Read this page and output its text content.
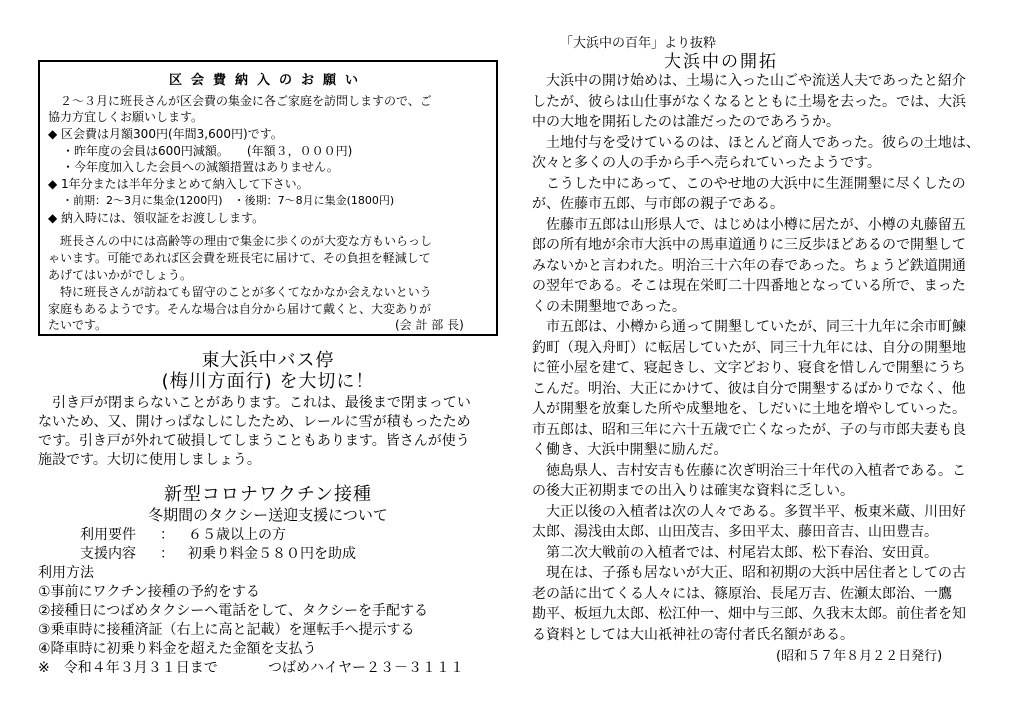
区会費納入のお願い
２～３月に班長さんが区会費の集金に各ご家庭を訪問しますので、ご
協力方宜しくお願いします。
◆ 区会費は月額300円(年間3,600円)です。
・昨年度の会員は600円減額。　　(年額３，０００円)
・今年度加入した会員への減額措置はありません。
◆ 1年分または半年分まとめて納入して下さい。
・前期：2～3月に集金(1200円)　・後期：7～8月に集金(1800円)
◆ 納入時には、領収証をお渡しします。
班長さんの中には高齢等の理由で集金に歩くのが大変な方もいらっし
ゃいます。可能であれば区会費を班長宅に届けて、その負担を軽減して
あげてはいかがでしょう。
特に班長さんが訪ねても留守のことが多くてなかなか会えないという
家庭もあるようです。そんな場合は自分から届けて戴くと、大変ありが
たいです。	(会 計 部 長)
東大浜中バス停
(梅川方面行) を大切に！
引き戸が閉まらないことがあります。これは、最後まで閉まってい
ないため、又、開けっぱなしにしたため、レールに雪が積もったため
です。引き戸が外れて破損してしまうこともあります。皆さんが使う
施設です。大切に使用しましょう。
新型コロナワクチン接種
冬期間のタクシー送迎支援について
利用要件 ： ６５歳以上の方
支援内容 ： 初乗り料金５８０円を助成
利用方法
①事前にワクチン接種の予約をする
②接種日につばめタクシーへ電話をして、タクシーを手配する
③乗車時に接種済証（右上に高と記載）を運転手へ提示する
④降車時に初乗り料金を超えた金額を支払う
※　令和４年３月３１日まで	つばめハイヤー２３－３１１１
「大浜中の百年」より抜粋
大浜中の開拓
大浜中の開け始めは、土場に入った山ごや流送人夫であったと紹介
したが、彼らは山仕事がなくなるとともに土場を去った。では、大浜
中の大地を開拓したのは誰だったのであろうか。
土地付与を受けているのは、ほとんど商人であった。彼らの土地は、
次々と多くの人の手から手へ売られていったようです。
こうした中にあって、このやせ地の大浜中に生涯開墾に尽くしたの
が、佐藤市五郎、与市郎の親子である。
佐藤市五郎は山形県人で、はじめは小樽に居たが、小樽の丸藤留五
郎の所有地が余市大浜中の馬車道通りに三反歩ほどあるので開墾して
みないかと言われた。明治三十六年の春であった。ちょうど鉄道開通
の翌年である。そこは現在栄町二十四番地となっている所で、まった
くの未開墾地であった。
市五郎は、小樽から通って開墾していたが、同三十九年に余市町鰊
釣町（現入舟町）に転居していたが、同三十九年には、自分の開墾地
に笹小屋を建て、寝起きし、文字どおり、寝食を惜しんで開墾にうち
こんだ。明治、大正にかけて、彼は自分で開墾するばかりでなく、他
人が開墾を放棄した所や成墾地を、しだいに土地を増やしていった。
市五郎は、昭和三年に六十五歳で亡くなったが、子の与市郎夫妻も良
く働き、大浜中開墾に励んだ。
徳島県人、吉村安吉も佐藤に次ぎ明治三十年代の入植者である。こ
の後大正初期までの出入りは確実な資料に乏しい。
大正以後の入植者は次の人々である。多賀半平、板東米蔵、川田好
太郎、湯浅由太郎、山田茂吉、多田平太、藤田音吉、山田豊吉。
第二次大戦前の入植者では、村尾岩太郎、松下春治、安田貢。
現在は、子孫も居ないが大正、昭和初期の大浜中居住者としての古
老の話に出てくる人々には、篠原治、長尾万吉、佐瀬太郎治、一鷹
勘平、板垣九太郎、松江仲一、畑中与三郎、久我末太郎。前住者を知
る資料としては大山祇神社の寄付者氏名額がある。
(昭和５７年８月２２日発行)
